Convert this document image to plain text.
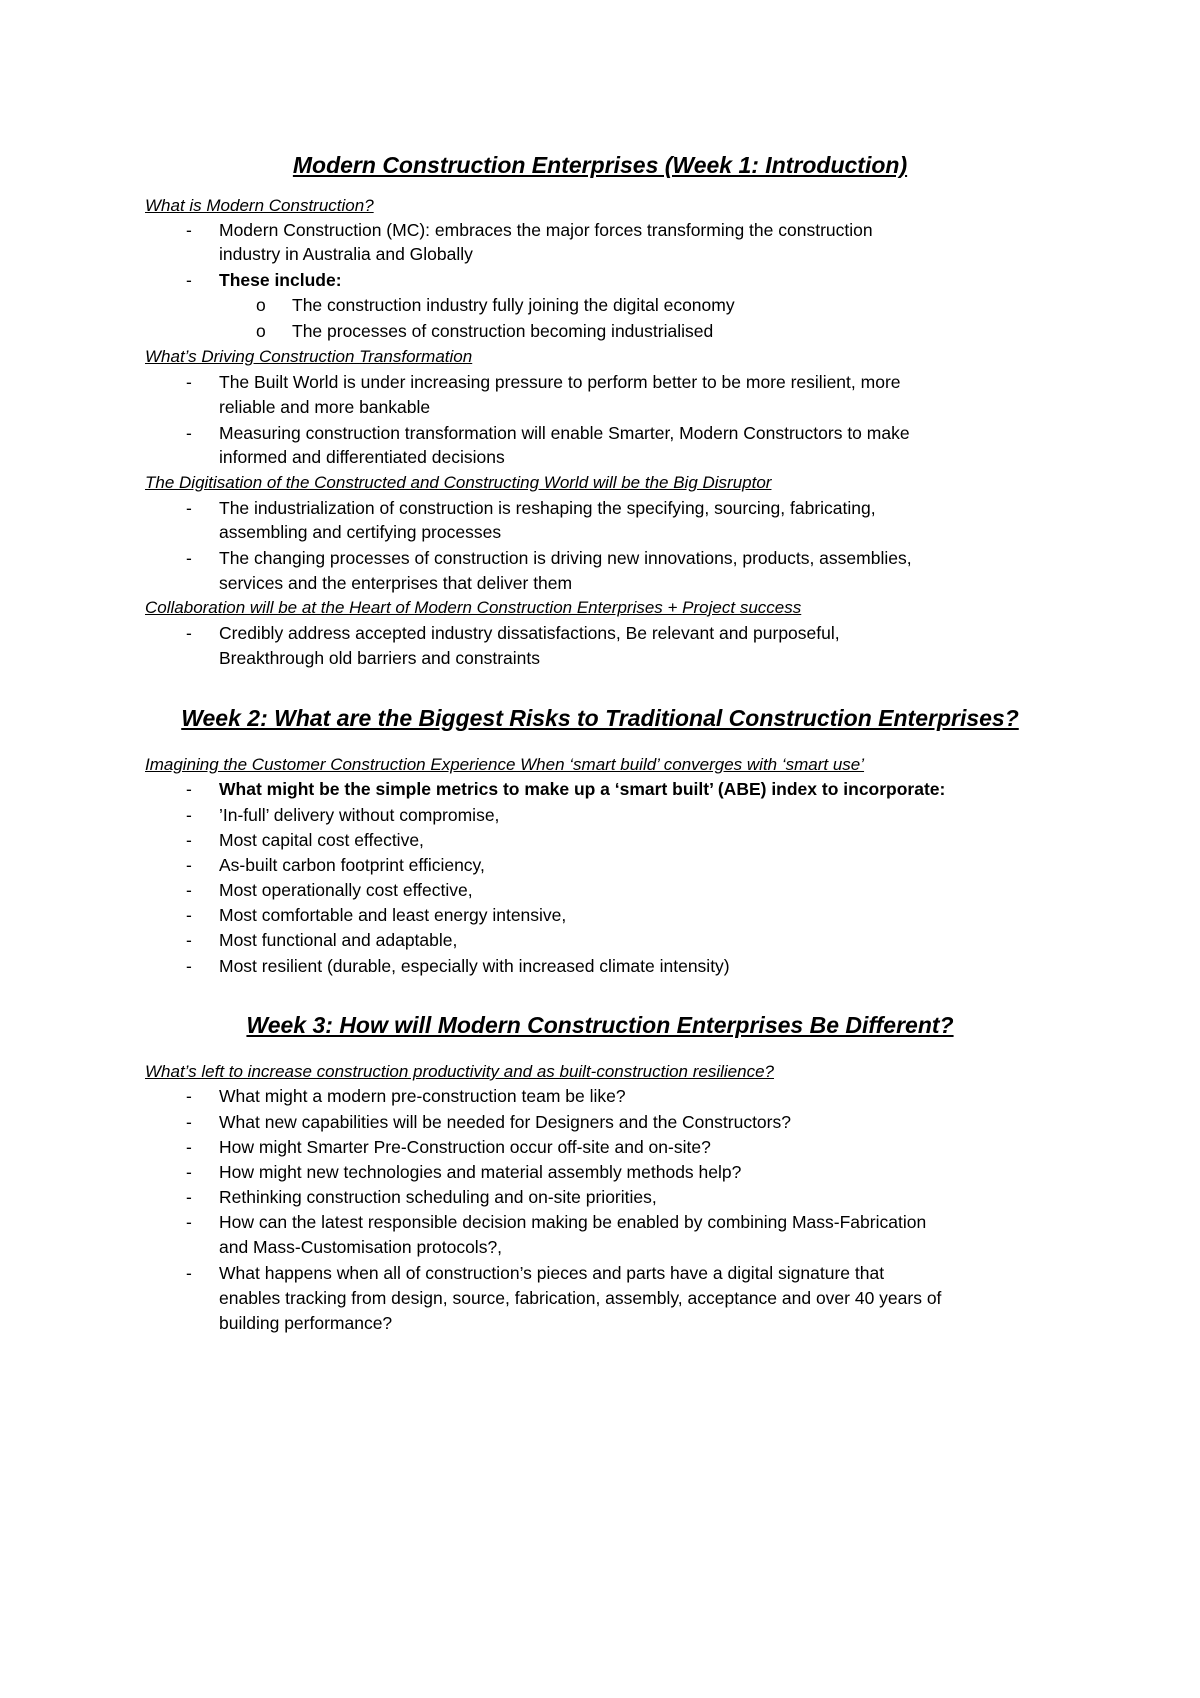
Modern Construction Enterprises (Week 1: Introduction)
What is Modern Construction?
- Modern Construction (MC): embraces the major forces transforming the construction
industry in Australia and Globally
- These include:
o The construction industry fully joining the digital economy
o The processes of construction becoming industrialised
What’s Driving Construction Transformation
- The Built World is under increasing pressure to perform better to be more resilient, more
reliable and more bankable
- Measuring construction transformation will enable Smarter, Modern Constructors to make
informed and differentiated decisions
The Digitisation of the Constructed and Constructing World will be the Big Disruptor
- The industrialization of construction is reshaping the specifying, sourcing, fabricating,
assembling and certifying processes
- The changing processes of construction is driving new innovations, products, assemblies,
services and the enterprises that deliver them
Collaboration will be at the Heart of Modern Construction Enterprises + Project success
- Credibly address accepted industry dissatisfactions, Be relevant and purposeful,
Breakthrough old barriers and constraints
Week 2: What are the Biggest Risks to Traditional Construction Enterprises?
Imagining the Customer Construction Experience When ‘smart build’ converges with ‘smart use’
- What might be the simple metrics to make up a ‘smart built’ (ABE) index to incorporate:
- ’In-full’ delivery without compromise,
- Most capital cost effective,
- As-built carbon footprint efficiency,
- Most operationally cost effective,
- Most comfortable and least energy intensive,
- Most functional and adaptable,
- Most resilient (durable, especially with increased climate intensity)
Week 3: How will Modern Construction Enterprises Be Different?
What’s left to increase construction productivity and as built-construction resilience?
- What might a modern pre-construction team be like?
- What new capabilities will be needed for Designers and the Constructors?
- How might Smarter Pre-Construction occur off-site and on-site?
- How might new technologies and material assembly methods help?
- Rethinking construction scheduling and on-site priorities,
- How can the latest responsible decision making be enabled by combining Mass-Fabrication
and Mass-Customisation protocols?,
- What happens when all of construction’s pieces and parts have a digital signature that
enables tracking from design, source, fabrication, assembly, acceptance and over 40 years of
building performance?
